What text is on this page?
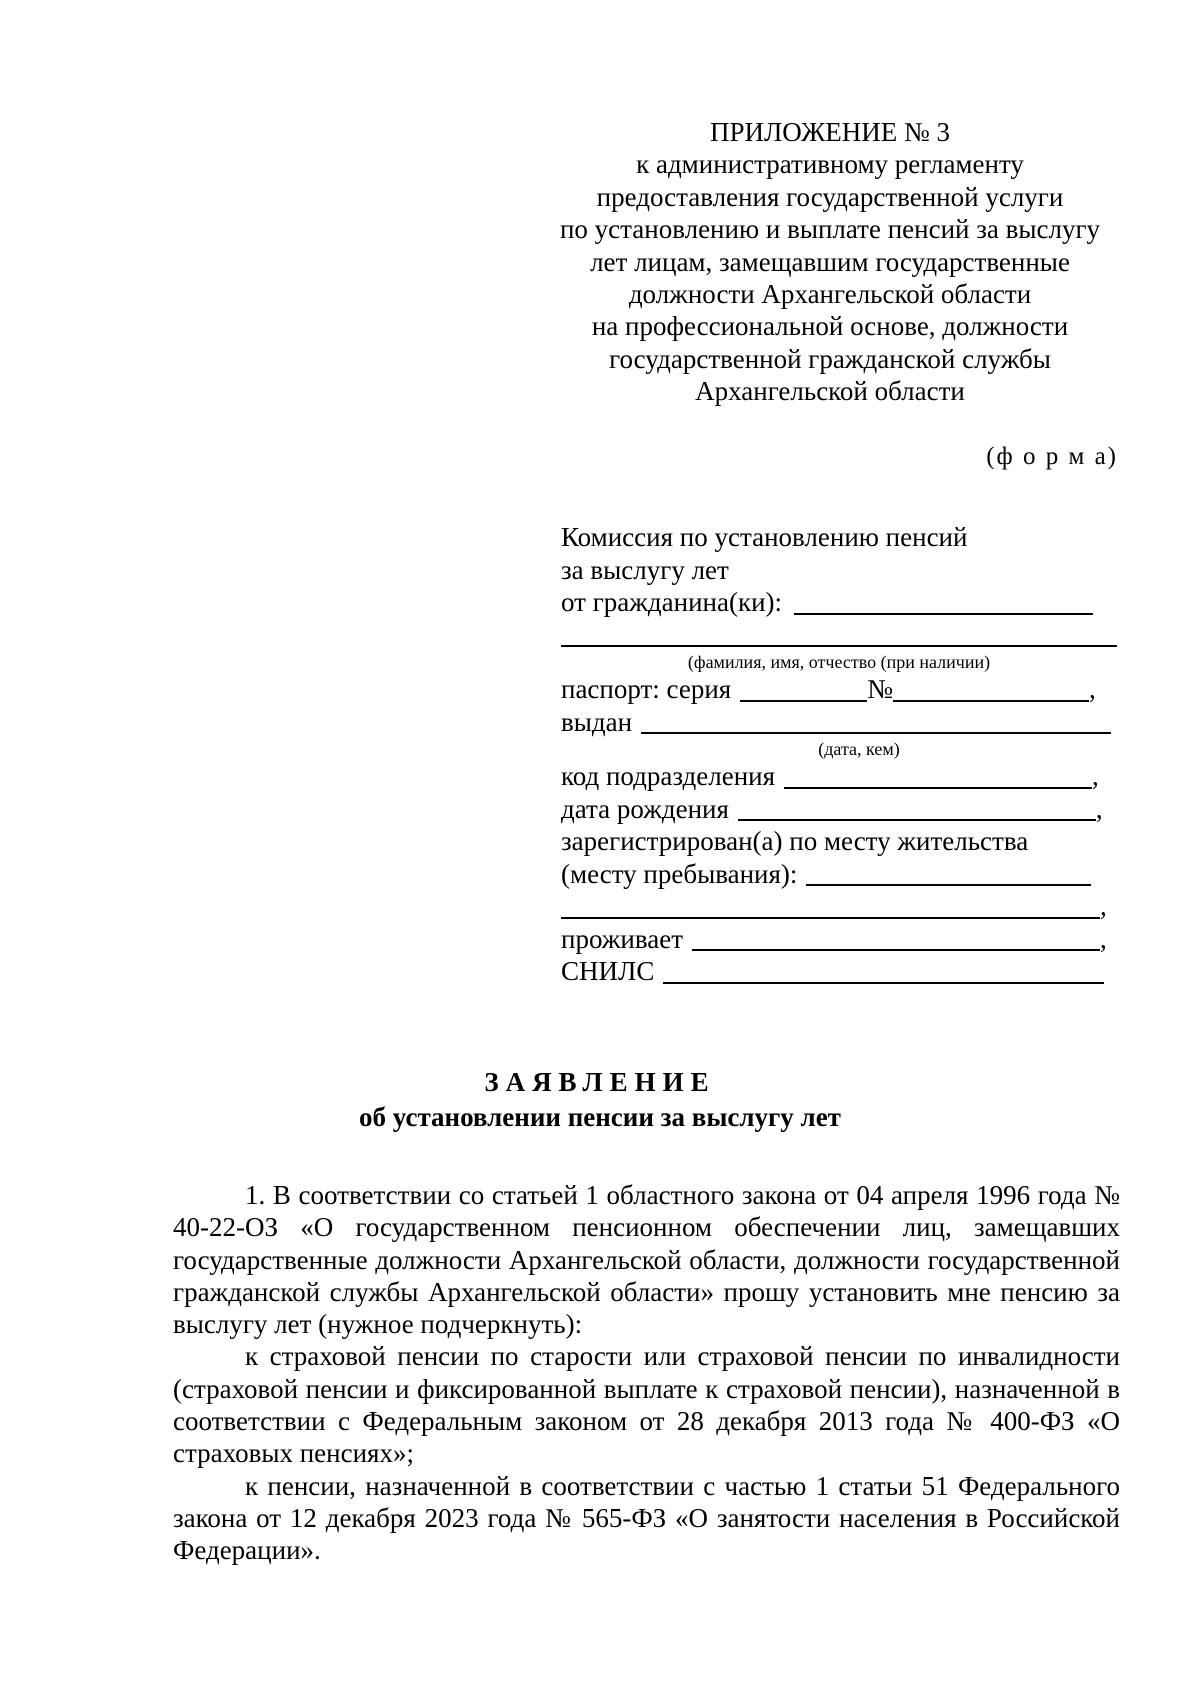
ПРИЛОЖЕНИЕ № 3
к административному регламенту
предоставления государственной услуги
по установлению и выплате пенсий за выслугу
лет лицам, замещавшим государственные
должности Архангельской области
на профессиональной основе, должности
государственной гражданской службы
Архангельской области
(ф о р м а)
Комиссия по установлению пенсий
за выслугу лет
от гражданина(ки):
(фамилия, имя, отчество (при наличии)
паспорт: серия	№	,
выдан
(дата, кем)
код подразделения	,
дата рождения	,
зарегистрирован(а) по месту жительства
(месту пребывания):
,
проживает	,
СНИЛС
ЗАЯВЛЕНИЕ
об установлении пенсии за выслугу лет

1. В соответствии со статьей 1 областного закона от 04 апреля 1996 года № 40-22-ОЗ «О государственном пенсионном обеспечении лиц, замещавших государственные должности Архангельской области, должности государственной гражданской службы Архангельской области» прошу установить мне пенсию за выслугу лет (нужное подчеркнуть):

к страховой пенсии по старости или страховой пенсии по инвалидности (страховой пенсии и фиксированной выплате к страховой пенсии), назначенной в соответствии с Федеральным законом от 28 декабря 2013 года № 400-ФЗ «О страховых пенсиях»;

к пенсии, назначенной в соответствии с частью 1 статьи 51 Федерального закона от 12 декабря 2023 года № 565-ФЗ «О занятости населения в Российской Федерации».
